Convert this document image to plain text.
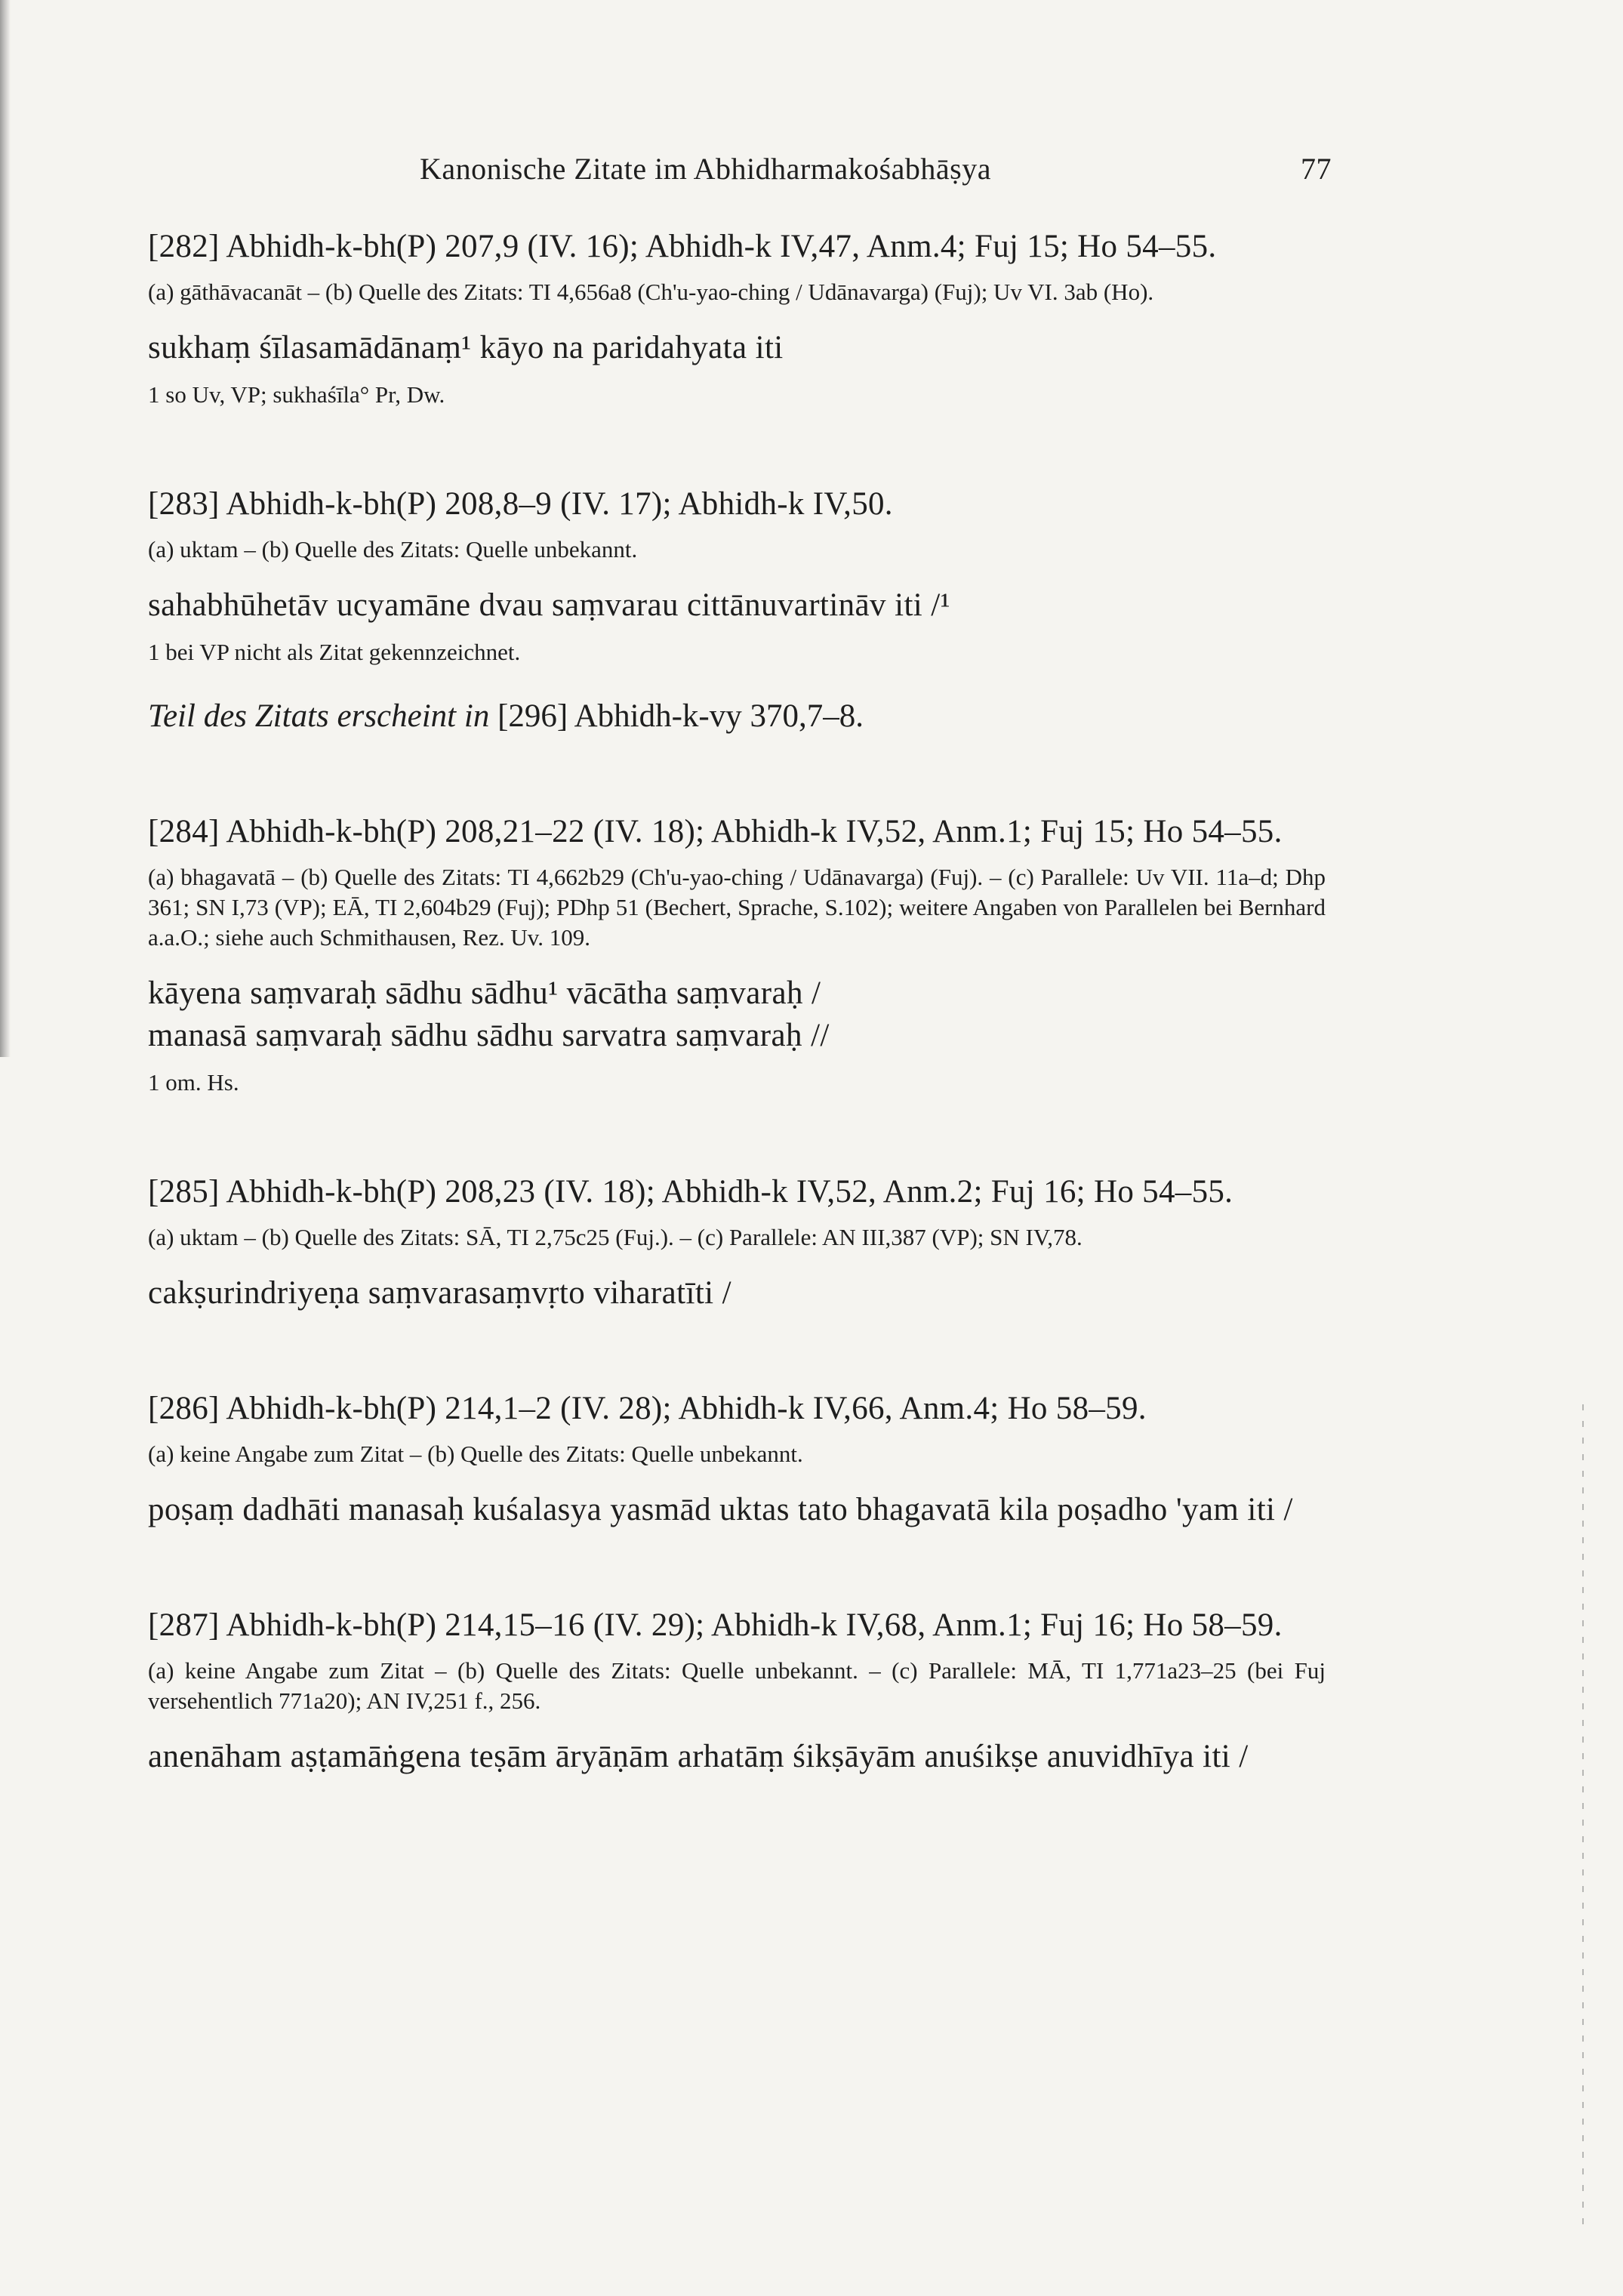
Kanonische Zitate im Abhidharmakośabhāṣya	77
[282] Abhidh-k-bh(P) 207,9 (IV. 16); Abhidh-k IV,47, Anm.4; Fuj 15; Ho 54–55.
(a) gāthāvacanāt – (b) Quelle des Zitats: TI 4,656a8 (Ch'u-yao-ching / Udānavarga) (Fuj); Uv VI. 3ab (Ho).
sukhaṃ śīlasamādānaṃ¹ kāyo na paridahyata iti
1 so Uv, VP; sukhaśīla° Pr, Dw.
[283] Abhidh-k-bh(P) 208,8–9 (IV. 17); Abhidh-k IV,50.
(a) uktam – (b) Quelle des Zitats: Quelle unbekannt.
sahabhūhetāv ucyamāne dvau saṃvarau cittānuvartināv iti /¹
1 bei VP nicht als Zitat gekennzeichnet.
Teil des Zitats erscheint in [296] Abhidh-k-vy 370,7–8.
[284] Abhidh-k-bh(P) 208,21–22 (IV. 18); Abhidh-k IV,52, Anm.1; Fuj 15; Ho 54–55.
(a) bhagavatā – (b) Quelle des Zitats: TI 4,662b29 (Ch'u-yao-ching / Udānavarga) (Fuj). – (c) Parallele: Uv VII. 11a–d; Dhp 361; SN I,73 (VP); EĀ, TI 2,604b29 (Fuj); PDhp 51 (Bechert, Sprache, S.102); weitere Angaben von Parallelen bei Bernhard a.a.O.; siehe auch Schmithausen, Rez. Uv. 109.
kāyena saṃvaraḥ sādhu sādhu¹ vācātha saṃvaraḥ /
manasā saṃvaraḥ sādhu sādhu sarvatra saṃvaraḥ //
1 om. Hs.
[285] Abhidh-k-bh(P) 208,23 (IV. 18); Abhidh-k IV,52, Anm.2; Fuj 16; Ho 54–55.
(a) uktam – (b) Quelle des Zitats: SĀ, TI 2,75c25 (Fuj.). – (c) Parallele: AN III,387 (VP); SN IV,78.
cakṣurindriyeṇa saṃvarasaṃvṛto viharatīti /
[286] Abhidh-k-bh(P) 214,1–2 (IV. 28); Abhidh-k IV,66, Anm.4; Ho 58–59.
(a) keine Angabe zum Zitat – (b) Quelle des Zitats: Quelle unbekannt.
poṣaṃ dadhāti manasaḥ kuśalasya yasmād uktas tato bhagavatā kila poṣadho 'yam iti /
[287] Abhidh-k-bh(P) 214,15–16 (IV. 29); Abhidh-k IV,68, Anm.1; Fuj 16; Ho 58–59.
(a) keine Angabe zum Zitat – (b) Quelle des Zitats: Quelle unbekannt. – (c) Parallele: MĀ, TI 1,771a23–25 (bei Fuj versehentlich 771a20); AN IV,251 f., 256.
anenāham aṣṭamāṅgena teṣām āryāṇām arhatāṃ śikṣāyām anuśikṣe anuvidhīya iti /
